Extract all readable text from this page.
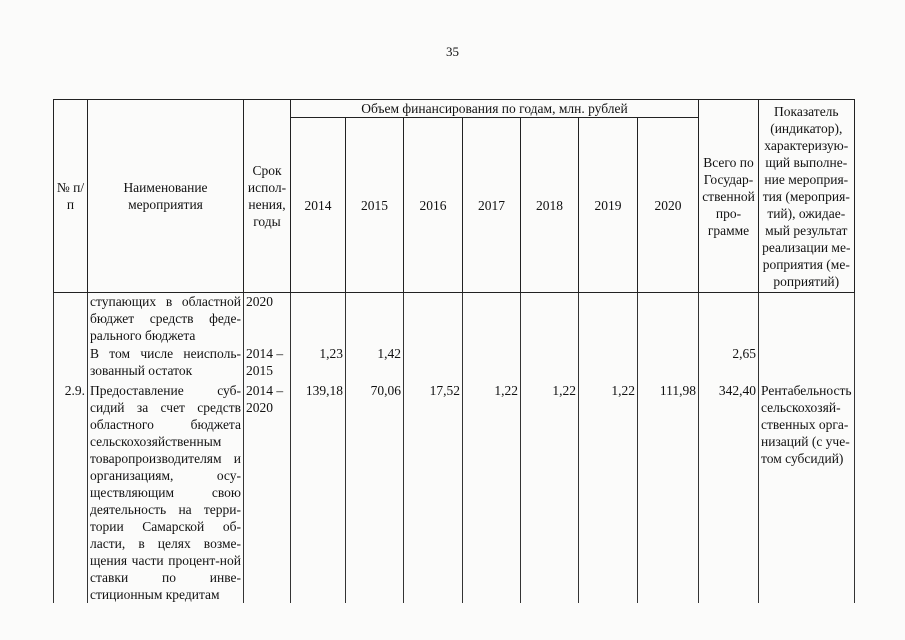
35
№ п/п	Наименование мероприятия	Срок испол-нения, годы	Объем финансирования по годам, млн. рублей							Всего по Государ-ственной про-грамме	Показатель (индикатор), характеризую-щий выполне-ние мероприя-тия (мероприя-тий), ожидае-мый результат реализации ме-роприятия (ме-роприятий)
			2014	2015	2016	2017	2018	2019	2020		
	ступающих в областной бюджет средств феде-рального бюджета	2020									
	В том числе неисполь-зованный остаток	2014 – 2015	1,23	1,42						2,65	
2.9.	Предоставление суб-сидий за счет средств областного бюджета сельскохозяйственным товаропроизводителям и организациям, осу-ществляющим свою деятельность на терри-тории Самарской об-ласти, в целях возме-щения части процент-ной ставки по инве-стиционным кредитам	2014 – 2020	139,18	70,06	17,52	1,22	1,22	1,22	111,98	342,40	Рентабельность сельскохозяй-ственных орга-низаций (с уче-том субсидий)
